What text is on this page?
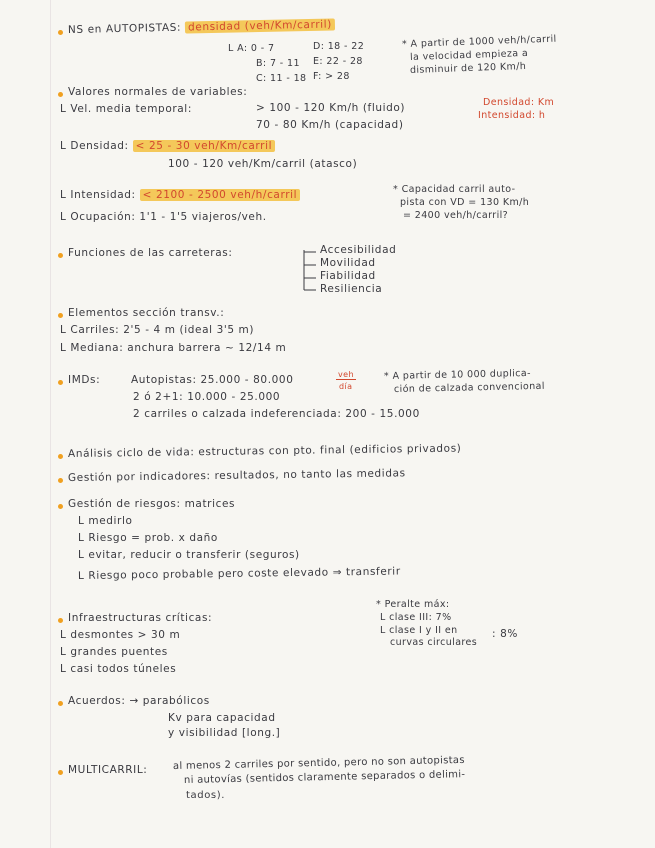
NS en AUTOPISTAS: densidad (veh/Km/carril)
L A: 0 - 7	D: 18 - 22
B: 7 - 11 E: 22 - 28
C: 11 - 18 F: > 28
* A partir de 1000 veh/h/carril
la velocidad empieza a
disminuir de 120 Km/h
Valores normales de variables:
L Vel. media temporal:	> 100 - 120 Km/h (fluido)
70 - 80 Km/h (capacidad)
Densidad: Km
Intensidad: h
L Densidad: < 25 - 30 veh/Km/carril
100 - 120 veh/Km/carril (atasco)
L Intensidad: < 2100 - 2500 veh/h/carril	* Capacidad carril auto-
pista con VD = 130 Km/h
= 2400 veh/h/carril?
L Ocupación: 1'1 - 1'5 viajeros/veh.
Funciones de las carreteras:	Accesibilidad
Movilidad
Fiabilidad
Resiliencia
Elementos sección transv.:
L Carriles: 2'5 - 4 m (ideal 3'5 m)
L Mediana: anchura barrera ~ 12/14 m
IMDs:	Autopistas: 25.000 - 80.000	veh
día
2 ó 2+1: 10.000 - 25.000
2 carriles o calzada indeferenciada: 200 - 15.000
* A partir de 10 000 duplica-
ción de calzada convencional
Análisis ciclo de vida: estructuras con pto. final (edificios privados)
Gestión por indicadores: resultados, no tanto las medidas
Gestión de riesgos: matrices
L medirlo
L Riesgo = prob. x daño
L evitar, reducir o transferir (seguros)
L Riesgo poco probable pero coste elevado ⇒ transferir
* Peralte máx:
L clase III: 7%
L clase I y II en
curvas circulares
: 8%
Infraestructuras críticas:
L desmontes > 30 m
L grandes puentes
L casi todos túneles
Acuerdos: → parabólicos
Kv para capacidad
y visibilidad [long.]
MULTICARRIL:	al menos 2 carriles por sentido, pero no son autopistas
ni autovías (sentidos claramente separados o delimi-
tados).
